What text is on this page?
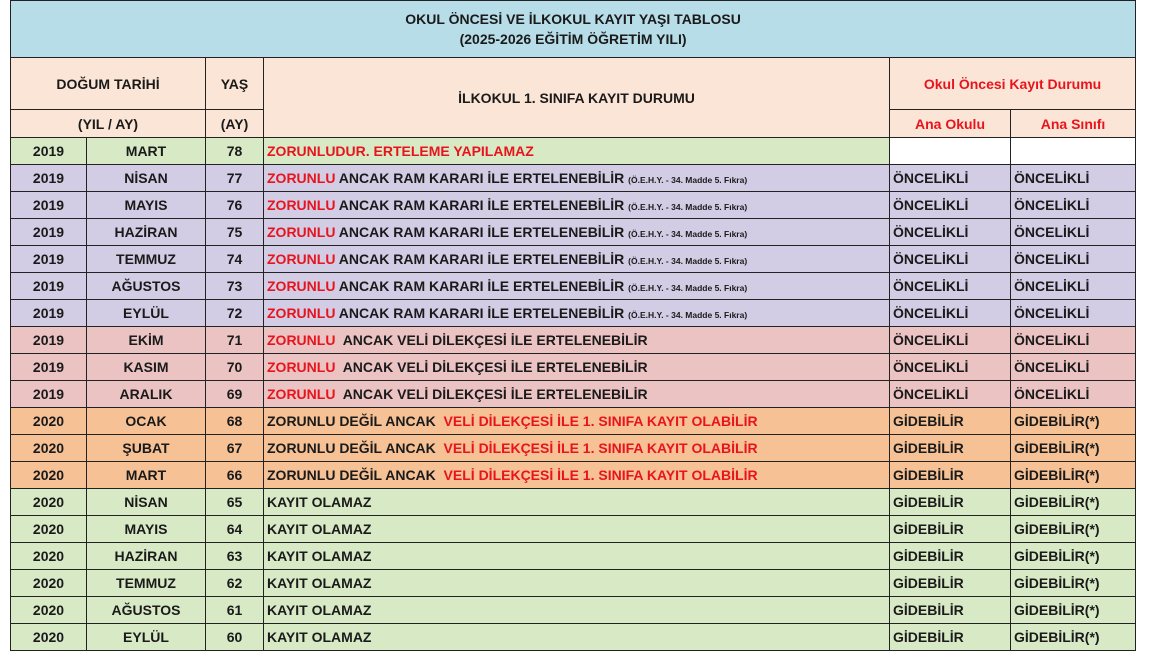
OKUL ÖNCESİ VE İLKOKUL KAYIT YAŞI TABLOSU
(2025-2026 EĞİTİM ÖĞRETİM YILI)					

DOĞUM TARİHİ		YAŞ	İLKOKUL 1. SINIFA KAYIT DURUMU	Okul Öncesi Kayıt Durumu	
(YIL / AY)		(AY)		Ana Okulu	Ana Sınıfı
2019	MART	78	ZORUNLUDUR. ERTELEME YAPILAMAZ		
2019	NİSAN	77	ZORUNLU ANCAK RAM KARARI İLE ERTELENEBİLİR (Ö.E.H.Y. - 34. Madde 5. Fıkra)	ÖNCELİKLİ	ÖNCELİKLİ
2019	MAYIS	76	ZORUNLU ANCAK RAM KARARI İLE ERTELENEBİLİR (Ö.E.H.Y. - 34. Madde 5. Fıkra)	ÖNCELİKLİ	ÖNCELİKLİ
2019	HAZİRAN	75	ZORUNLU ANCAK RAM KARARI İLE ERTELENEBİLİR (Ö.E.H.Y. - 34. Madde 5. Fıkra)	ÖNCELİKLİ	ÖNCELİKLİ
2019	TEMMUZ	74	ZORUNLU ANCAK RAM KARARI İLE ERTELENEBİLİR (Ö.E.H.Y. - 34. Madde 5. Fıkra)	ÖNCELİKLİ	ÖNCELİKLİ
2019	AĞUSTOS	73	ZORUNLU ANCAK RAM KARARI İLE ERTELENEBİLİR (Ö.E.H.Y. - 34. Madde 5. Fıkra)	ÖNCELİKLİ	ÖNCELİKLİ
2019	EYLÜL	72	ZORUNLU ANCAK RAM KARARI İLE ERTELENEBİLİR (Ö.E.H.Y. - 34. Madde 5. Fıkra)	ÖNCELİKLİ	ÖNCELİKLİ
2019	EKİM	71	ZORUNLU  ANCAK VELİ DİLEKÇESİ İLE ERTELENEBİLİR	ÖNCELİKLİ	ÖNCELİKLİ
2019	KASIM	70	ZORUNLU  ANCAK VELİ DİLEKÇESİ İLE ERTELENEBİLİR	ÖNCELİKLİ	ÖNCELİKLİ
2019	ARALIK	69	ZORUNLU  ANCAK VELİ DİLEKÇESİ İLE ERTELENEBİLİR	ÖNCELİKLİ	ÖNCELİKLİ
2020	OCAK	68	ZORUNLU DEĞİL ANCAK  VELİ DİLEKÇESİ İLE 1. SINIFA KAYIT OLABİLİR	GİDEBİLİR	GİDEBİLİR(*)
2020	ŞUBAT	67	ZORUNLU DEĞİL ANCAK  VELİ DİLEKÇESİ İLE 1. SINIFA KAYIT OLABİLİR	GİDEBİLİR	GİDEBİLİR(*)
2020	MART	66	ZORUNLU DEĞİL ANCAK  VELİ DİLEKÇESİ İLE 1. SINIFA KAYIT OLABİLİR	GİDEBİLİR	GİDEBİLİR(*)
2020	NİSAN	65	KAYIT OLAMAZ	GİDEBİLİR	GİDEBİLİR(*)
2020	MAYIS	64	KAYIT OLAMAZ	GİDEBİLİR	GİDEBİLİR(*)
2020	HAZİRAN	63	KAYIT OLAMAZ	GİDEBİLİR	GİDEBİLİR(*)
2020	TEMMUZ	62	KAYIT OLAMAZ	GİDEBİLİR	GİDEBİLİR(*)
2020	AĞUSTOS	61	KAYIT OLAMAZ	GİDEBİLİR	GİDEBİLİR(*)
2020	EYLÜL	60	KAYIT OLAMAZ	GİDEBİLİR	GİDEBİLİR(*)
